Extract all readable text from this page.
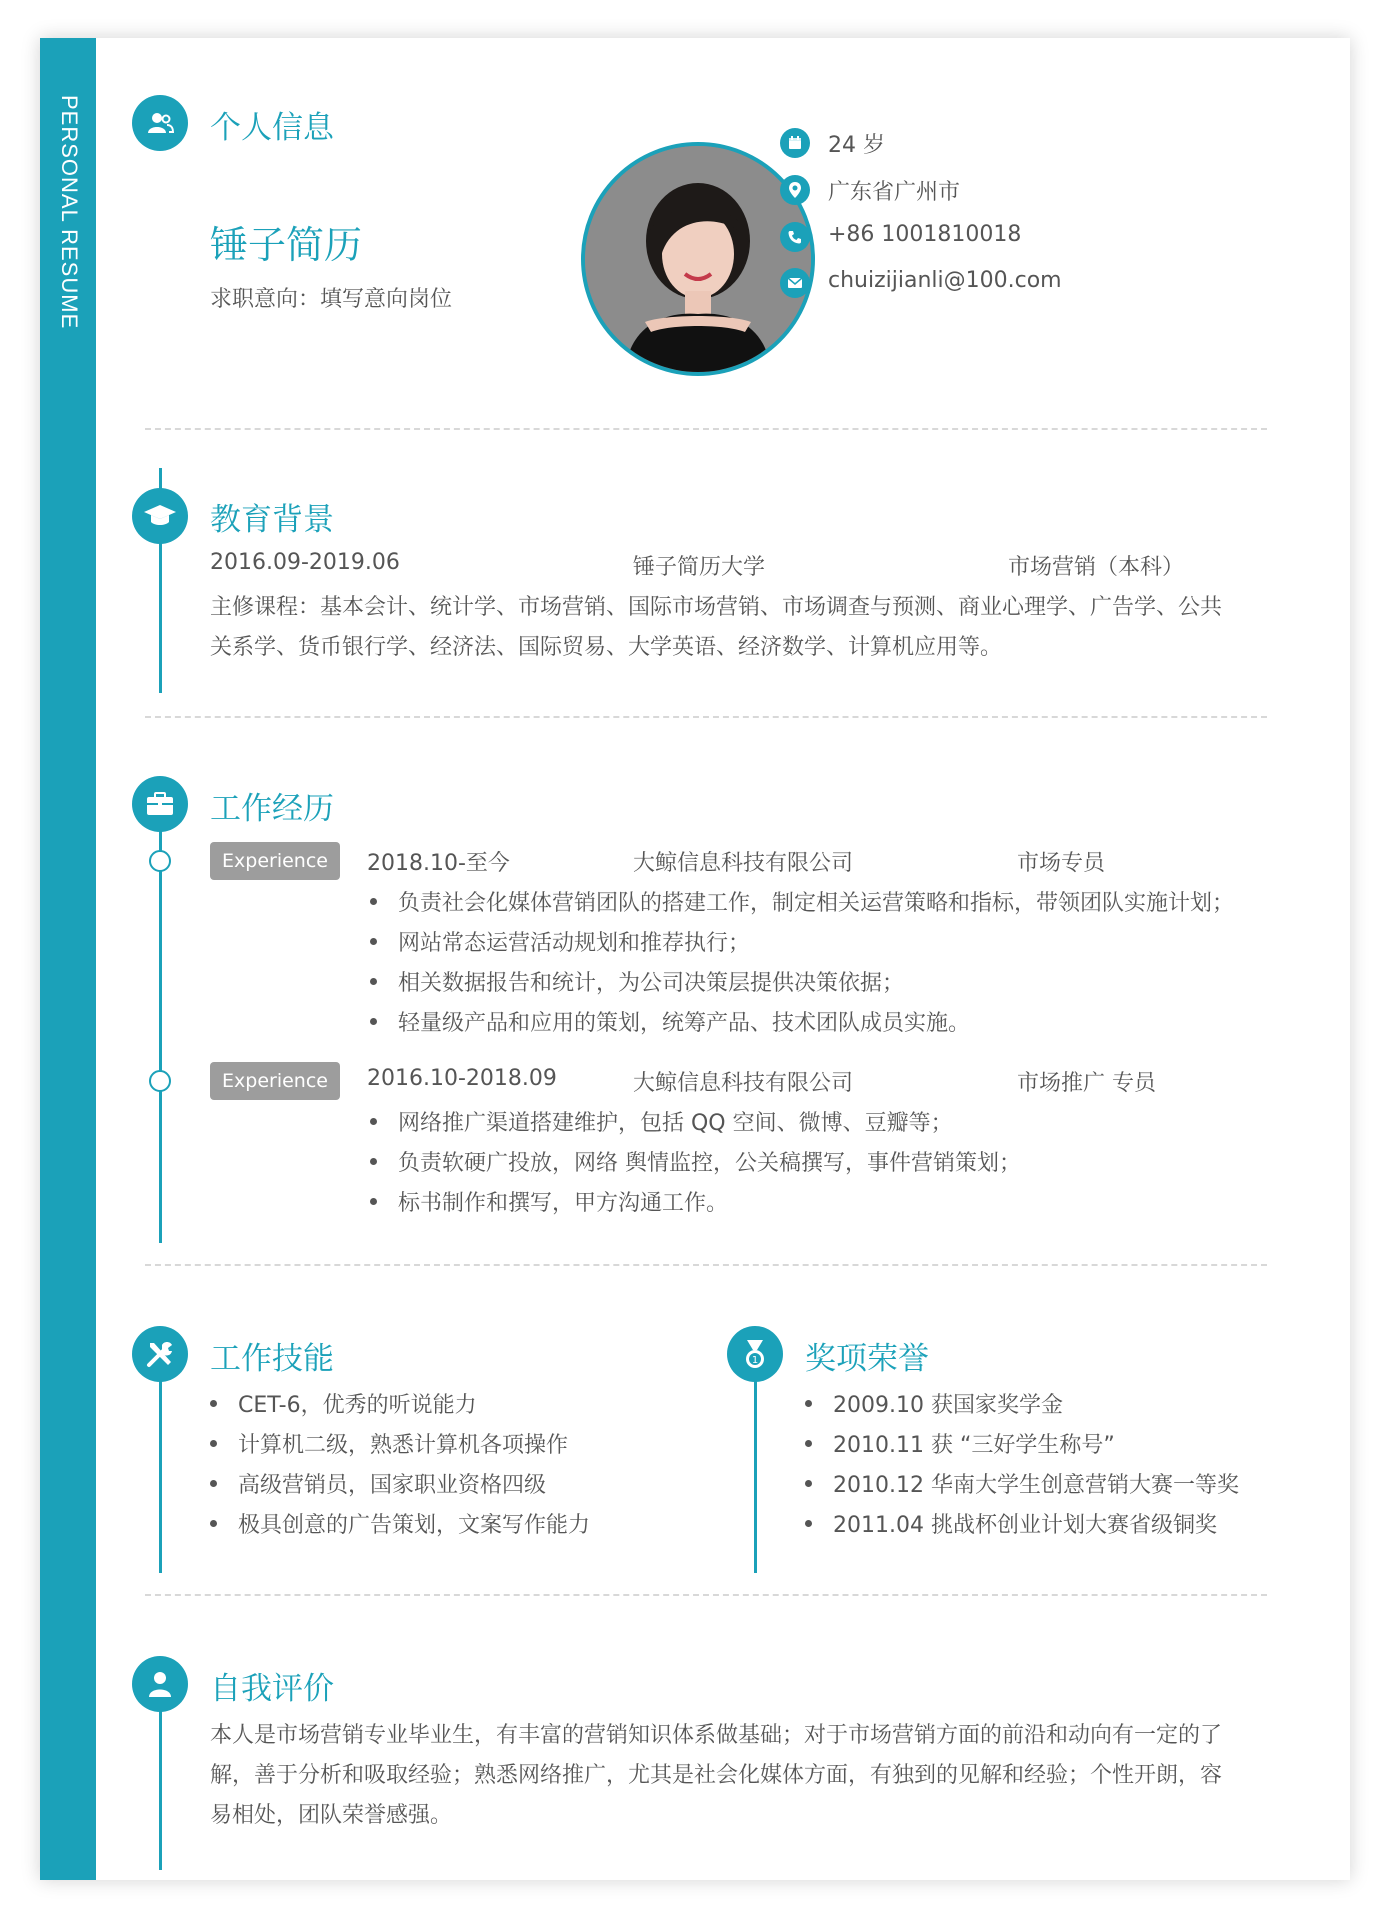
PERSONAL RESUME	个人信息
锤子简历
求职意向：填写意向岗位
24 岁
广东省广州市
+86 1001810018
chuizijianli@100.com
教育背景
2016.09-2019.06	锤子简历大学	市场营销（本科）
主修课程：基本会计、统计学、市场营销、国际市场营销、市场调查与预测、商业心理学、广告学、公共
关系学、货币银行学、经济法、国际贸易、大学英语、经济数学、计算机应用等。
工作经历
Experience	2018.10-至今	大鲸信息科技有限公司	市场专员
负责社会化媒体营销团队的搭建工作，制定相关运营策略和指标，带领团队实施计划；
网站常态运营活动规划和推荐执行；
相关数据报告和统计，为公司决策层提供决策依据；
轻量级产品和应用的策划，统筹产品、技术团队成员实施。
Experience	2016.10-2018.09	大鲸信息科技有限公司	市场推广 专员
网络推广渠道搭建维护，包括 QQ 空间、微博、豆瓣等；
负责软硬广投放，网络 舆情监控，公关稿撰写，事件营销策划；
标书制作和撰写，甲方沟通工作。
工作技能
CET-6，优秀的听说能力
计算机二级，熟悉计算机各项操作
高级营销员，国家职业资格四级
极具创意的广告策划，文案写作能力
1 奖项荣誉
2009.10 获国家奖学金
2010.11 获 “三好学生称号”
2010.12 华南大学生创意营销大赛一等奖
2011.04 挑战杯创业计划大赛省级铜奖
自我评价
本人是市场营销专业毕业生，有丰富的营销知识体系做基础；对于市场营销方面的前沿和动向有一定的了
解，善于分析和吸取经验；熟悉网络推广，尤其是社会化媒体方面，有独到的见解和经验；个性开朗，容
易相处，团队荣誉感强。
